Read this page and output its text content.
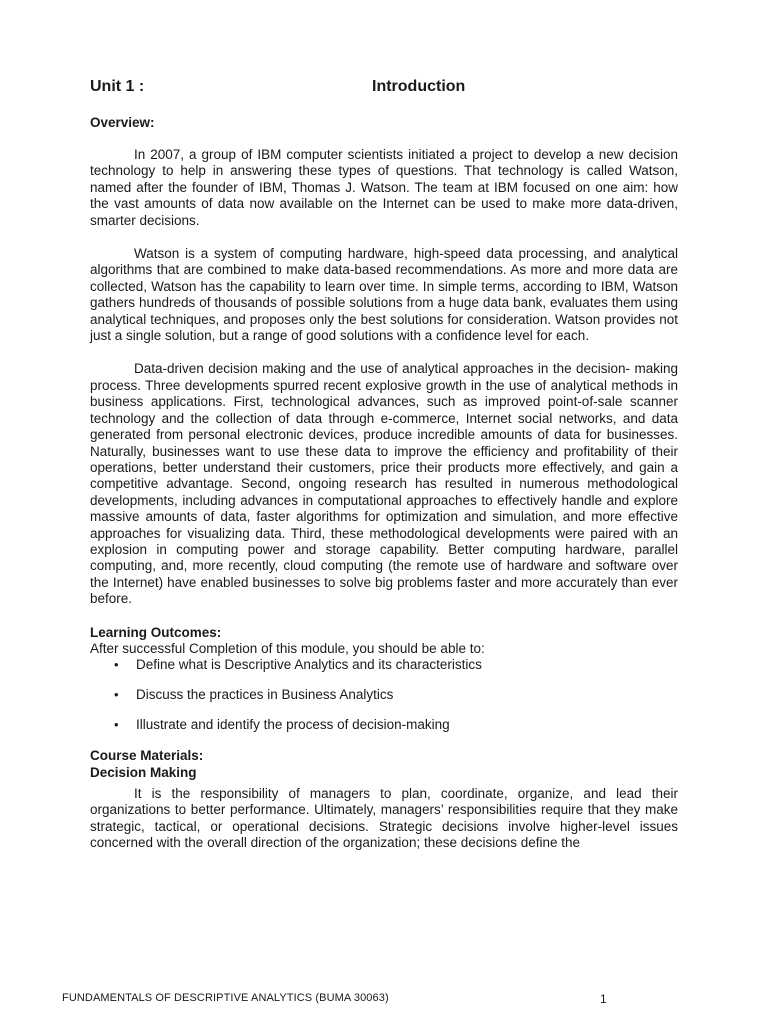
Unit 1 :	Introduction

Overview:

In 2007, a group of IBM computer scientists initiated a project to develop a new decision technology to help in answering these types of questions. That technology is called Watson, named after the founder of IBM, Thomas J. Watson. The team at IBM focused on one aim: how the vast amounts of data now available on the Internet can be used to make more data-driven, smarter decisions.

Watson is a system of computing hardware, high-speed data processing, and analytical algorithms that are combined to make data-based recommendations. As more and more data are collected, Watson has the capability to learn over time. In simple terms, according to IBM, Watson gathers hundreds of thousands of possible solutions from a huge data bank, evaluates them using analytical techniques, and proposes only the best solutions for consideration. Watson provides not just a single solution, but a range of good solutions with a confidence level for each.

Data-driven decision making and the use of analytical approaches in the decision- making process. Three developments spurred recent explosive growth in the use of analytical methods in business applications. First, technological advances, such as improved point-of-sale scanner technology and the collection of data through e-commerce, Internet social networks, and data generated from personal electronic devices, produce incredible amounts of data for businesses. Naturally, businesses want to use these data to improve the efficiency and profitability of their operations, better understand their customers, price their products more effectively, and gain a competitive advantage. Second, ongoing research has resulted in numerous methodological developments, including advances in computational approaches to effectively handle and explore massive amounts of data, faster algorithms for optimization and simulation, and more effective approaches for visualizing data. Third, these methodological developments were paired with an explosion in computing power and storage capability. Better computing hardware, parallel computing, and, more recently, cloud computing (the remote use of hardware and software over the Internet) have enabled businesses to solve big problems faster and more accurately than ever before.

Learning Outcomes:

After successful Completion of this module, you should be able to:

• Define what is Descriptive Analytics and its characteristics
• Discuss the practices in Business Analytics
• Illustrate and identify the process of decision-making

Course Materials:

Decision Making

It is the responsibility of managers to plan, coordinate, organize, and lead their organizations to better performance. Ultimately, managers’ responsibilities require that they make strategic, tactical, or operational decisions. Strategic decisions involve higher-level issues concerned with the overall direction of the organization; these decisions define the

FUNDAMENTALS OF DESCRIPTIVE ANALYTICS (BUMA 30063)	1
